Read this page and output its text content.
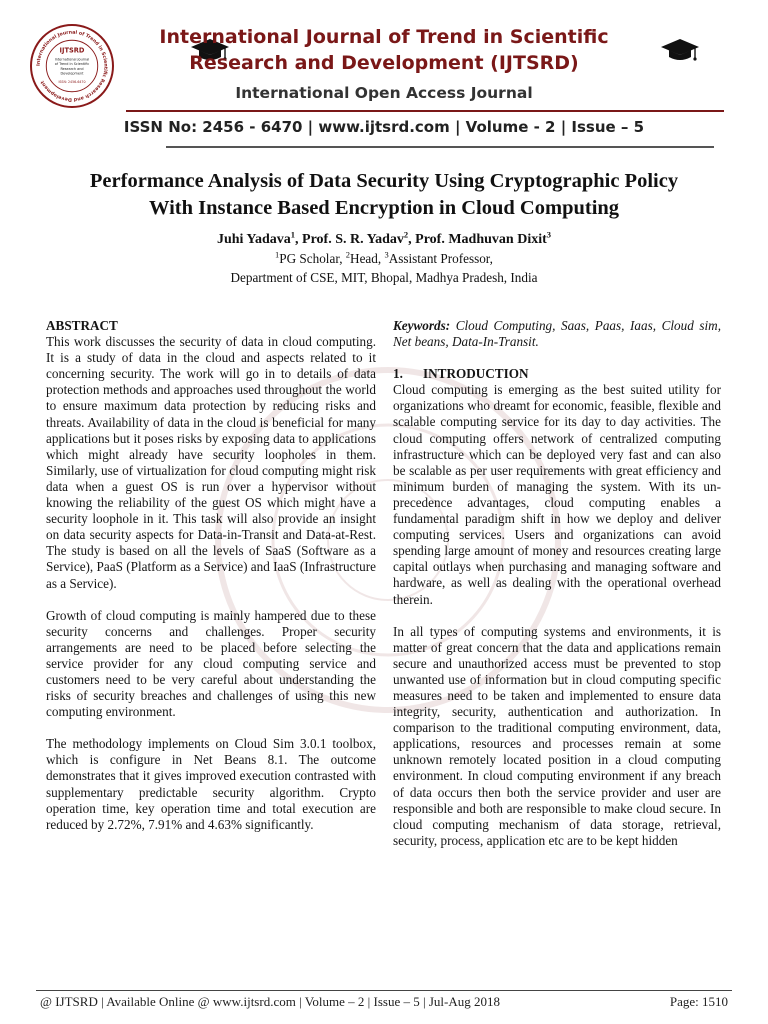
International Journal of Trend in Scientific Research and Development
IJTSRD
International Journal
of Trend in Scientific
Research and
Development
ISSN: 2456-6470
International Journal of Trend in Scientific
Research and Development (IJTSRD)
International Open Access Journal
ISSN No: 2456 - 6470 | www.ijtsrd.com | Volume - 2 | Issue – 5
Performance Analysis of Data Security Using Cryptographic Policy
With Instance Based Encryption in Cloud Computing
Juhi Yadava$^1$, Prof. S. R. Yadav$^2$, Prof. Madhuvan Dixit$^3$
$^1$PG Scholar, $^2$Head, $^3$Assistant Professor,
Department of CSE, MIT, Bhopal, Madhya Pradesh, India

ABSTRACT

This work discusses the security of data in cloud computing. It is a study of data in the cloud and aspects related to it concerning security. The work will go in to details of data protection methods and approaches used throughout the world to ensure maximum data protection by reducing risks and threats. Availability of data in the cloud is beneficial for many applications but it poses risks by exposing data to applications which might already have security loopholes in them. Similarly, use of virtualization for cloud computing might risk data when a guest OS is run over a hypervisor without knowing the reliability of the guest OS which might have a security loophole in it. This task will also provide an insight on data security aspects for Data-in-Transit and Data-at-Rest. The study is based on all the levels of SaaS (Software as a Service), PaaS (Platform as a Service) and IaaS (Infrastructure as a Service).

Growth of cloud computing is mainly hampered due to these security concerns and challenges. Proper security arrangements are need to be placed before selecting the service provider for any cloud computing service and customers need to be very careful about understanding the risks of security breaches and challenges of using this new computing environment.

The methodology implements on Cloud Sim 3.0.1 toolbox, which is configure in Net Beans 8.1. The outcome demonstrates that it gives improved execution contrasted with supplementary predictable security algorithm. Crypto operation time, key operation time and total execution are reduced by 2.72%, 7.91% and 4.63% significantly.

Keywords: Cloud Computing, Saas, Paas, Iaas, Cloud sim, Net beans, Data-In-Transit.

1. INTRODUCTION

Cloud computing is emerging as the best suited utility for organizations who dreamt for economic, feasible, flexible and scalable computing service for its day to day activities. The cloud computing offers network of centralized computing infrastructure which can be deployed very fast and can also be scalable as per user requirements with great efficiency and minimum burden of managing the system. With its un-precedence advantages, cloud computing enables a fundamental paradigm shift in how we deploy and deliver computing services. Users and organizations can avoid spending large amount of money and resources creating large capital outlays when purchasing and managing software and hardware, as well as dealing with the operational overhead therein.

In all types of computing systems and environments, it is matter of great concern that the data and applications remain secure and unauthorized access must be prevented to stop unwanted use of information but in cloud computing specific measures need to be taken and implemented to ensure data integrity, security, authentication and authorization. In comparison to the traditional computing environment, data, applications, resources and processes remain at some unknown remotely located position in a cloud computing environment. In cloud computing environment if any breach of data occurs then both the service provider and user are responsible and both are responsible to make cloud secure. In cloud computing mechanism of data storage, retrieval, security, process, application etc are to be kept hidden

@ IJTSRD | Available Online @ www.ijtsrd.com | Volume – 2 | Issue – 5 | Jul-Aug 2018	Page: 1510
